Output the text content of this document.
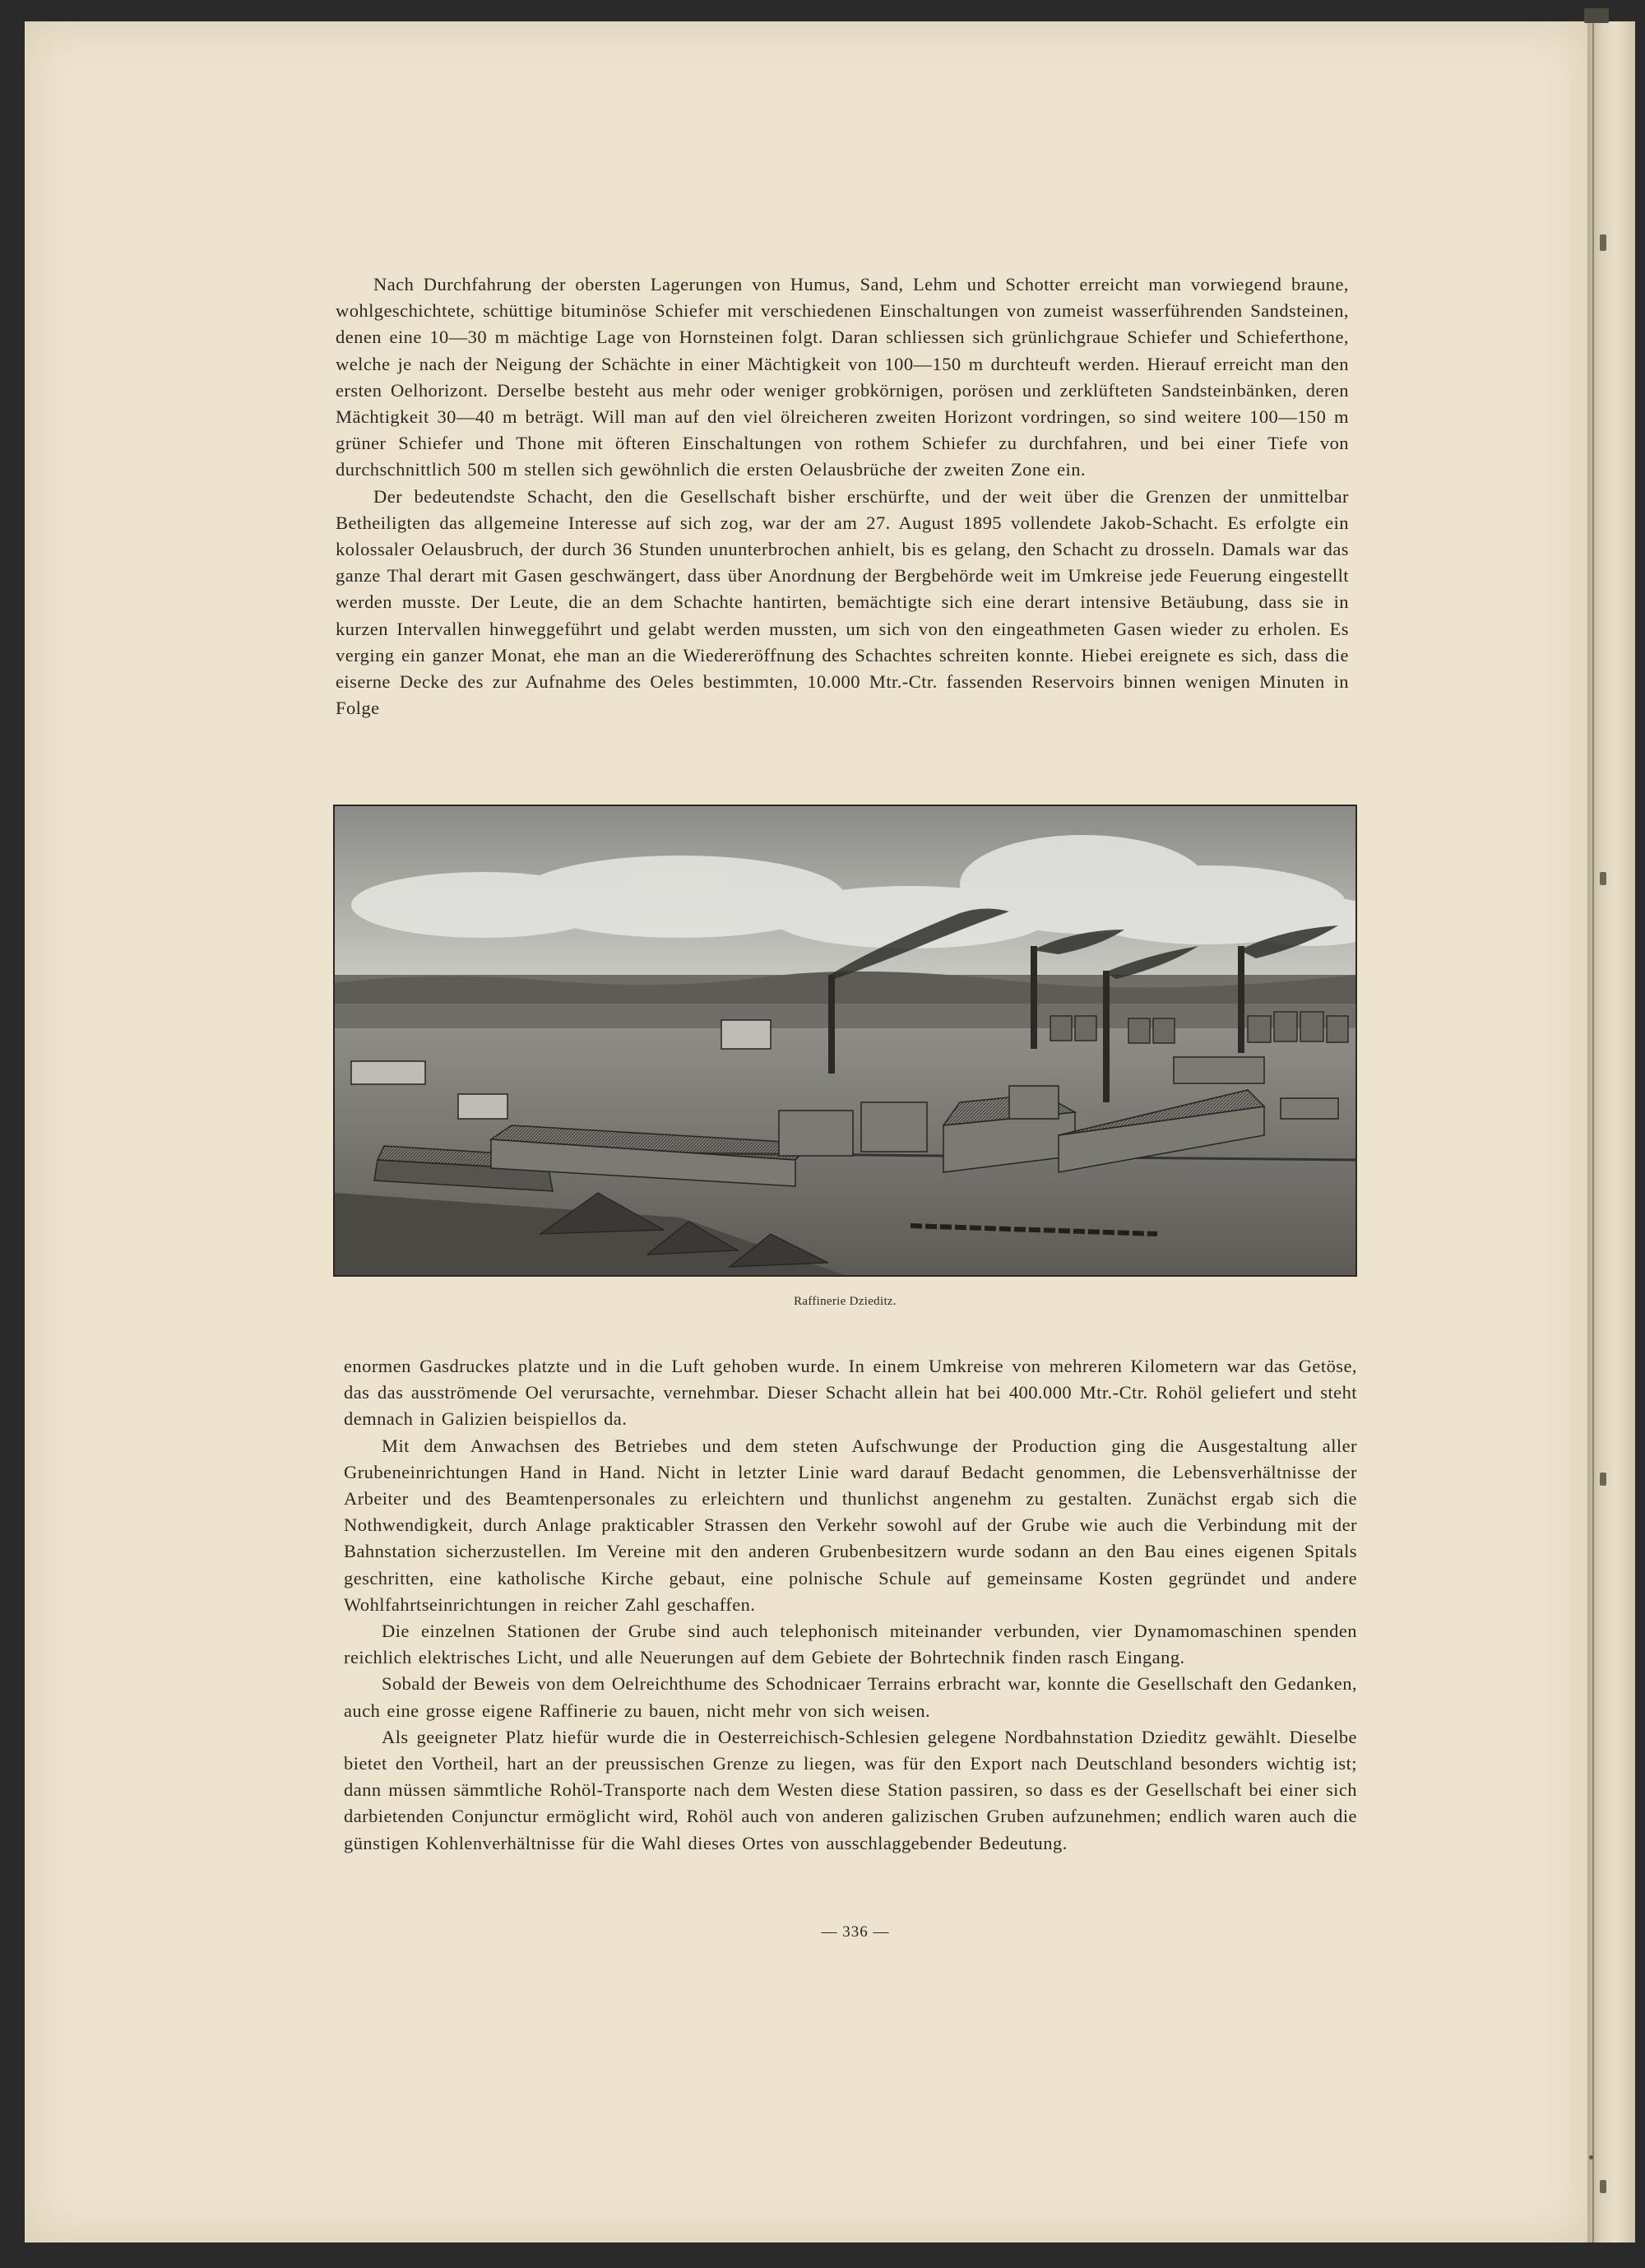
Nach Durchfahrung der obersten Lagerungen von Humus, Sand, Lehm und Schotter erreicht man vorwiegend braune, wohlgeschichtete, schüttige bituminöse Schiefer mit verschiedenen Einschaltungen von zumeist wasserführenden Sandsteinen, denen eine 10—30 m mächtige Lage von Hornsteinen folgt. Daran schliessen sich grünlichgraue Schiefer und Schieferthone, welche je nach der Neigung der Schächte in einer Mächtigkeit von 100—150 m durchteuft werden. Hierauf erreicht man den ersten Oelhorizont. Derselbe besteht aus mehr oder weniger grobkörnigen, porösen und zerklüfteten Sandsteinbänken, deren Mächtigkeit 30—40 m beträgt. Will man auf den viel ölreicheren zweiten Horizont vordringen, so sind weitere 100—150 m grüner Schiefer und Thone mit öfteren Einschaltungen von rothem Schiefer zu durchfahren, und bei einer Tiefe von durchschnittlich 500 m stellen sich gewöhnlich die ersten Oelausbrüche der zweiten Zone ein.

Der bedeutendste Schacht, den die Gesellschaft bisher erschürfte, und der weit über die Grenzen der unmittelbar Betheiligten das allgemeine Interesse auf sich zog, war der am 27. August 1895 vollendete Jakob-Schacht. Es erfolgte ein kolossaler Oelausbruch, der durch 36 Stunden ununterbrochen anhielt, bis es gelang, den Schacht zu drosseln. Damals war das ganze Thal derart mit Gasen geschwängert, dass über Anordnung der Bergbehörde weit im Umkreise jede Feuerung eingestellt werden musste. Der Leute, die an dem Schachte hantirten, bemächtigte sich eine derart intensive Betäubung, dass sie in kurzen Intervallen hinweggeführt und gelabt werden mussten, um sich von den eingeathmeten Gasen wieder zu erholen. Es verging ein ganzer Monat, ehe man an die Wiedereröffnung des Schachtes schreiten konnte. Hiebei ereignete es sich, dass die eiserne Decke des zur Aufnahme des Oeles bestimmten, 10.000 Mtr.-Ctr. fassenden Reservoirs binnen wenigen Minuten in Folge

Raffinerie Dzieditz.

enormen Gasdruckes platzte und in die Luft gehoben wurde. In einem Umkreise von mehreren Kilometern war das Getöse, das das ausströmende Oel verursachte, vernehmbar. Dieser Schacht allein hat bei 400.000 Mtr.-Ctr. Rohöl geliefert und steht demnach in Galizien beispiellos da.

Mit dem Anwachsen des Betriebes und dem steten Aufschwunge der Production ging die Ausgestaltung aller Grubeneinrichtungen Hand in Hand. Nicht in letzter Linie ward darauf Bedacht genommen, die Lebensverhältnisse der Arbeiter und des Beamtenpersonales zu erleichtern und thunlichst angenehm zu gestalten. Zunächst ergab sich die Nothwendigkeit, durch Anlage prakticabler Strassen den Verkehr sowohl auf der Grube wie auch die Verbindung mit der Bahnstation sicherzustellen. Im Vereine mit den anderen Grubenbesitzern wurde sodann an den Bau eines eigenen Spitals geschritten, eine katholische Kirche gebaut, eine polnische Schule auf gemeinsame Kosten gegründet und andere Wohlfahrtseinrichtungen in reicher Zahl geschaffen.

Die einzelnen Stationen der Grube sind auch telephonisch miteinander verbunden, vier Dynamomaschinen spenden reichlich elektrisches Licht, und alle Neuerungen auf dem Gebiete der Bohrtechnik finden rasch Eingang.

Sobald der Beweis von dem Oelreichthume des Schodnicaer Terrains erbracht war, konnte die Gesellschaft den Gedanken, auch eine grosse eigene Raffinerie zu bauen, nicht mehr von sich weisen.

Als geeigneter Platz hiefür wurde die in Oesterreichisch-Schlesien gelegene Nordbahnstation Dzieditz gewählt. Dieselbe bietet den Vortheil, hart an der preussischen Grenze zu liegen, was für den Export nach Deutschland besonders wichtig ist; dann müssen sämmtliche Rohöl-Transporte nach dem Westen diese Station passiren, so dass es der Gesellschaft bei einer sich darbietenden Conjunctur ermöglicht wird, Rohöl auch von anderen galizischen Gruben aufzunehmen; endlich waren auch die günstigen Kohlenverhältnisse für die Wahl dieses Ortes von ausschlaggebender Bedeutung.

— 336 —
